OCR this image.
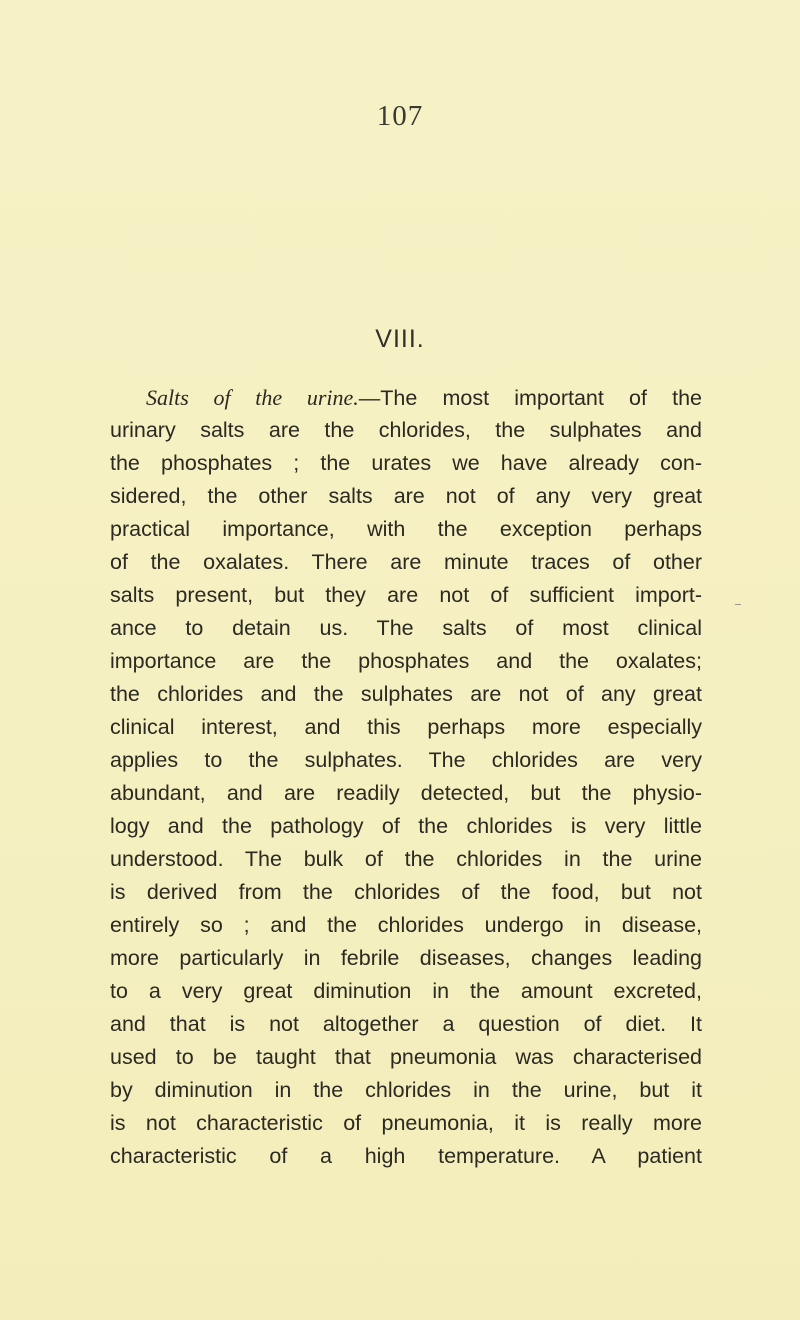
107
VIII.
Salts of the urine.—The most important of the
urinary salts are the chlorides, the sulphates and
the phosphates ; the urates we have already con-
sidered, the other salts are not of any very great
practical importance, with the exception perhaps
of the oxalates. There are minute traces of other
salts present, but they are not of sufficient import-
ance to detain us. The salts of most clinical
importance are the phosphates and the oxalates;
the chlorides and the sulphates are not of any great
clinical interest, and this perhaps more especially
applies to the sulphates. The chlorides are very
abundant, and are readily detected, but the physio-
logy and the pathology of the chlorides is very little
understood. The bulk of the chlorides in the urine
is derived from the chlorides of the food, but not
entirely so ; and the chlorides undergo in disease,
more particularly in febrile diseases, changes leading
to a very great diminution in the amount excreted,
and that is not altogether a question of diet. It
used to be taught that pneumonia was characterised
by diminution in the chlorides in the urine, but it
is not characteristic of pneumonia, it is really more
characteristic of a high temperature. A patient
